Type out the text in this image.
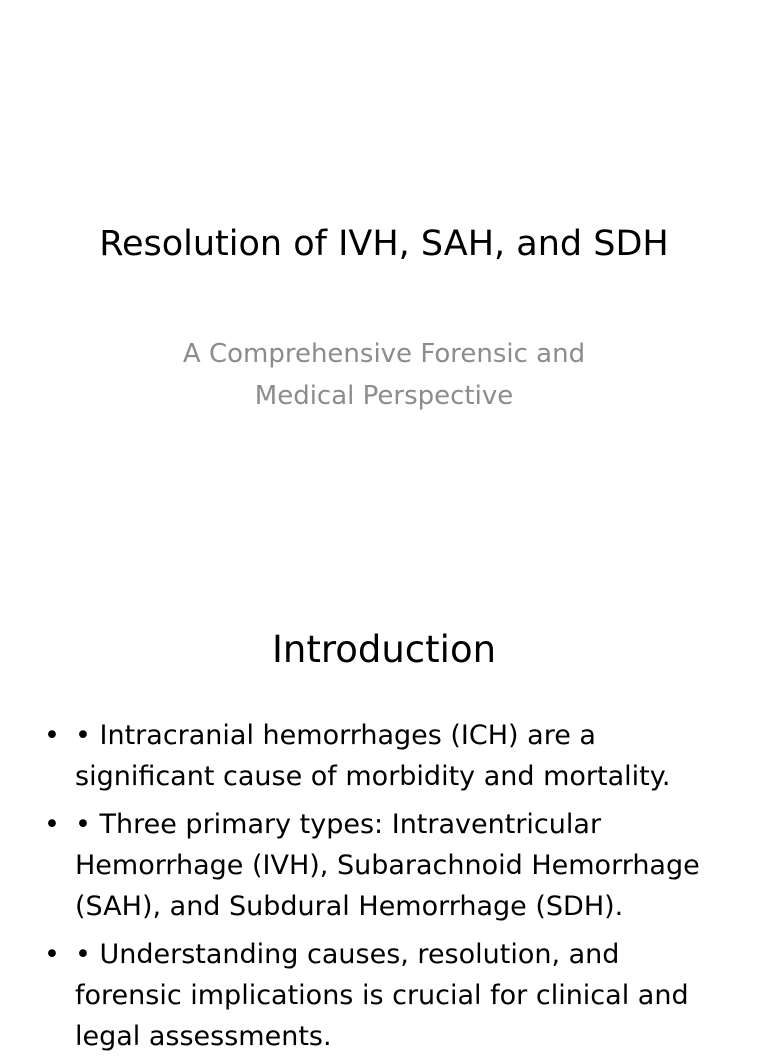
Resolution of IVH, SAH, and SDH
A Comprehensive Forensic and
Medical Perspective
Introduction
• • Intracranial hemorrhages (ICH) are a significant cause of morbidity and mortality.
• • Three primary types: Intraventricular Hemorrhage (IVH), Subarachnoid Hemorrhage (SAH), and Subdural Hemorrhage (SDH).
• • Understanding causes, resolution, and forensic implications is crucial for clinical and legal assessments.
